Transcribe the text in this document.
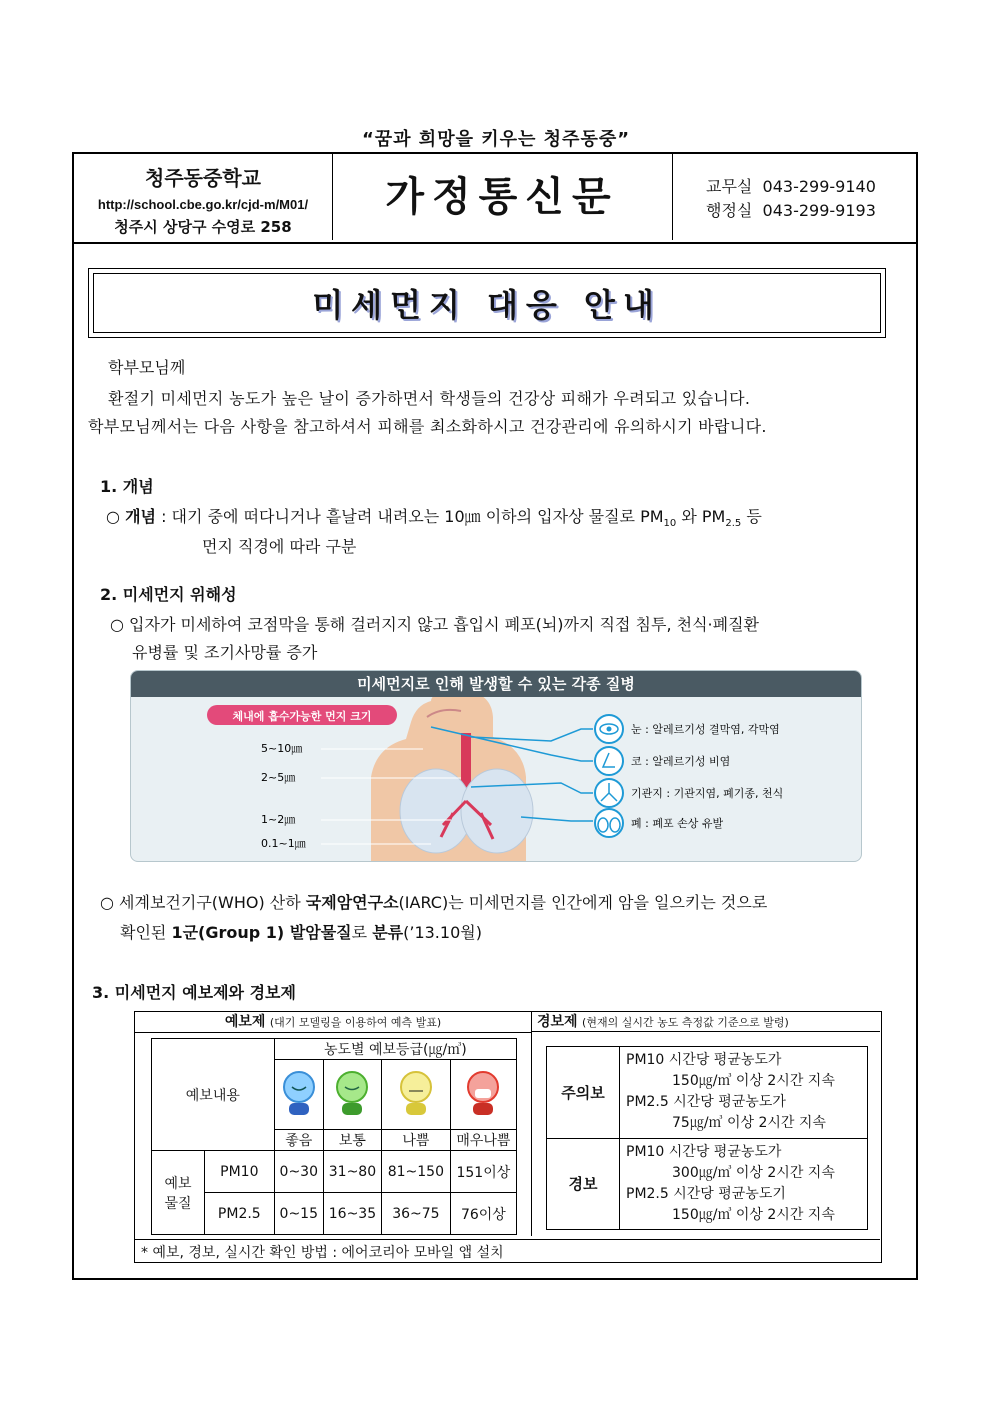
“꿈과 희망을 키우는 청주동중”
청주동중학교
http://school.cbe.go.kr/cjd-m/M01/
청주시 상당구 수영로 258
가정통신문	교무실 043-299-9140
행정실 043-299-9193
미세먼지 대응 안내
학부모님께
환절기 미세먼지 농도가 높은 날이 증가하면서 학생들의 건강상 피해가 우려되고 있습니다.
학부모님께서는 다음 사항을 참고하셔서 피해를 최소화하시고 건강관리에 유의하시기 바랍니다.
1. 개념
○ 개념 : 대기 중에 떠다니거나 흩날려 내려오는 10㎛ 이하의 입자상 물질로 $PM_{10}$ 와 $PM_{2.5}$ 등
먼지 직경에 따라 구분
2. 미세먼지 위해성
○ 입자가 미세하여 코점막을 통해 걸러지지 않고 흡입시 폐포(뇌)까지 직접 침투, 천식·폐질환
유병률 및 조기사망률 증가
미세먼지로 인해 발생할 수 있는 각종 질병
체내에 흡수가능한 먼지 크기
5~10㎛
2~5㎛
1~2㎛
0.1~1㎛
눈 : 알레르기성 결막염, 각막염
코 : 알레르기성 비염
기관지 : 기관지염, 폐기종, 천식
폐 : 폐포 손상 유발
○ 세계보건기구(WHO) 산하 국제암연구소(IARC)는 미세먼지를 인간에게 암을 일으키는 것으로
확인된 1군(Group 1) 발암물질로 분류(’13.10월)
3. 미세먼지 예보제와 경보제
예보제 (대기 모델링을 이용하여 예측 발표)	경보제 (현재의 실시간 농도 측정값 기준으로 발령)
예보내용		농도별 예보등급(㎍/㎥)			

		좋음	보통	나쁨	매우나쁨
예보
물질	PM10	0~30	31~80	81~150	151이상
	PM2.5	0~15	16~35	36~75	76이상
주의보	PM10 시간당 평균농도가
150㎍/㎥ 이상 2시간 지속
PM2.5 시간당 평균농도가
75㎍/㎥ 이상 2시간 지속

경보	PM10 시간당 평균농도가
300㎍/㎥ 이상 2시간 지속
PM2.5 시간당 평균농도기
150㎍/㎥ 이상 2시간 지속
* 예보, 경보, 실시간 확인 방법 : 에어코리아 모바일 앱 설치
